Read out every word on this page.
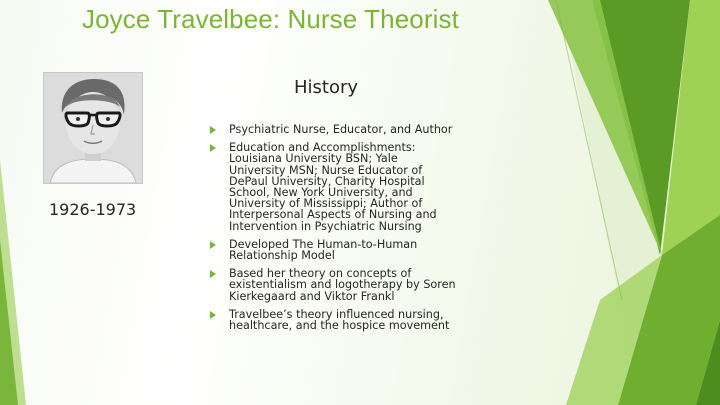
Joyce Travelbee: Nurse Theorist
History
1926-1973
Psychiatric Nurse, Educator, and Author
Education and Accomplishments: Louisiana University BSN; Yale University MSN; Nurse Educator of DePaul University, Charity Hospital School, New York University, and University of Mississippi; Author of Interpersonal Aspects of Nursing and Intervention in Psychiatric Nursing
Developed The Human-to-Human Relationship Model
Based her theory on concepts of existentialism and logotherapy by Soren Kierkegaard and Viktor Frankl
Travelbee’s theory influenced nursing, healthcare, and the hospice movement
